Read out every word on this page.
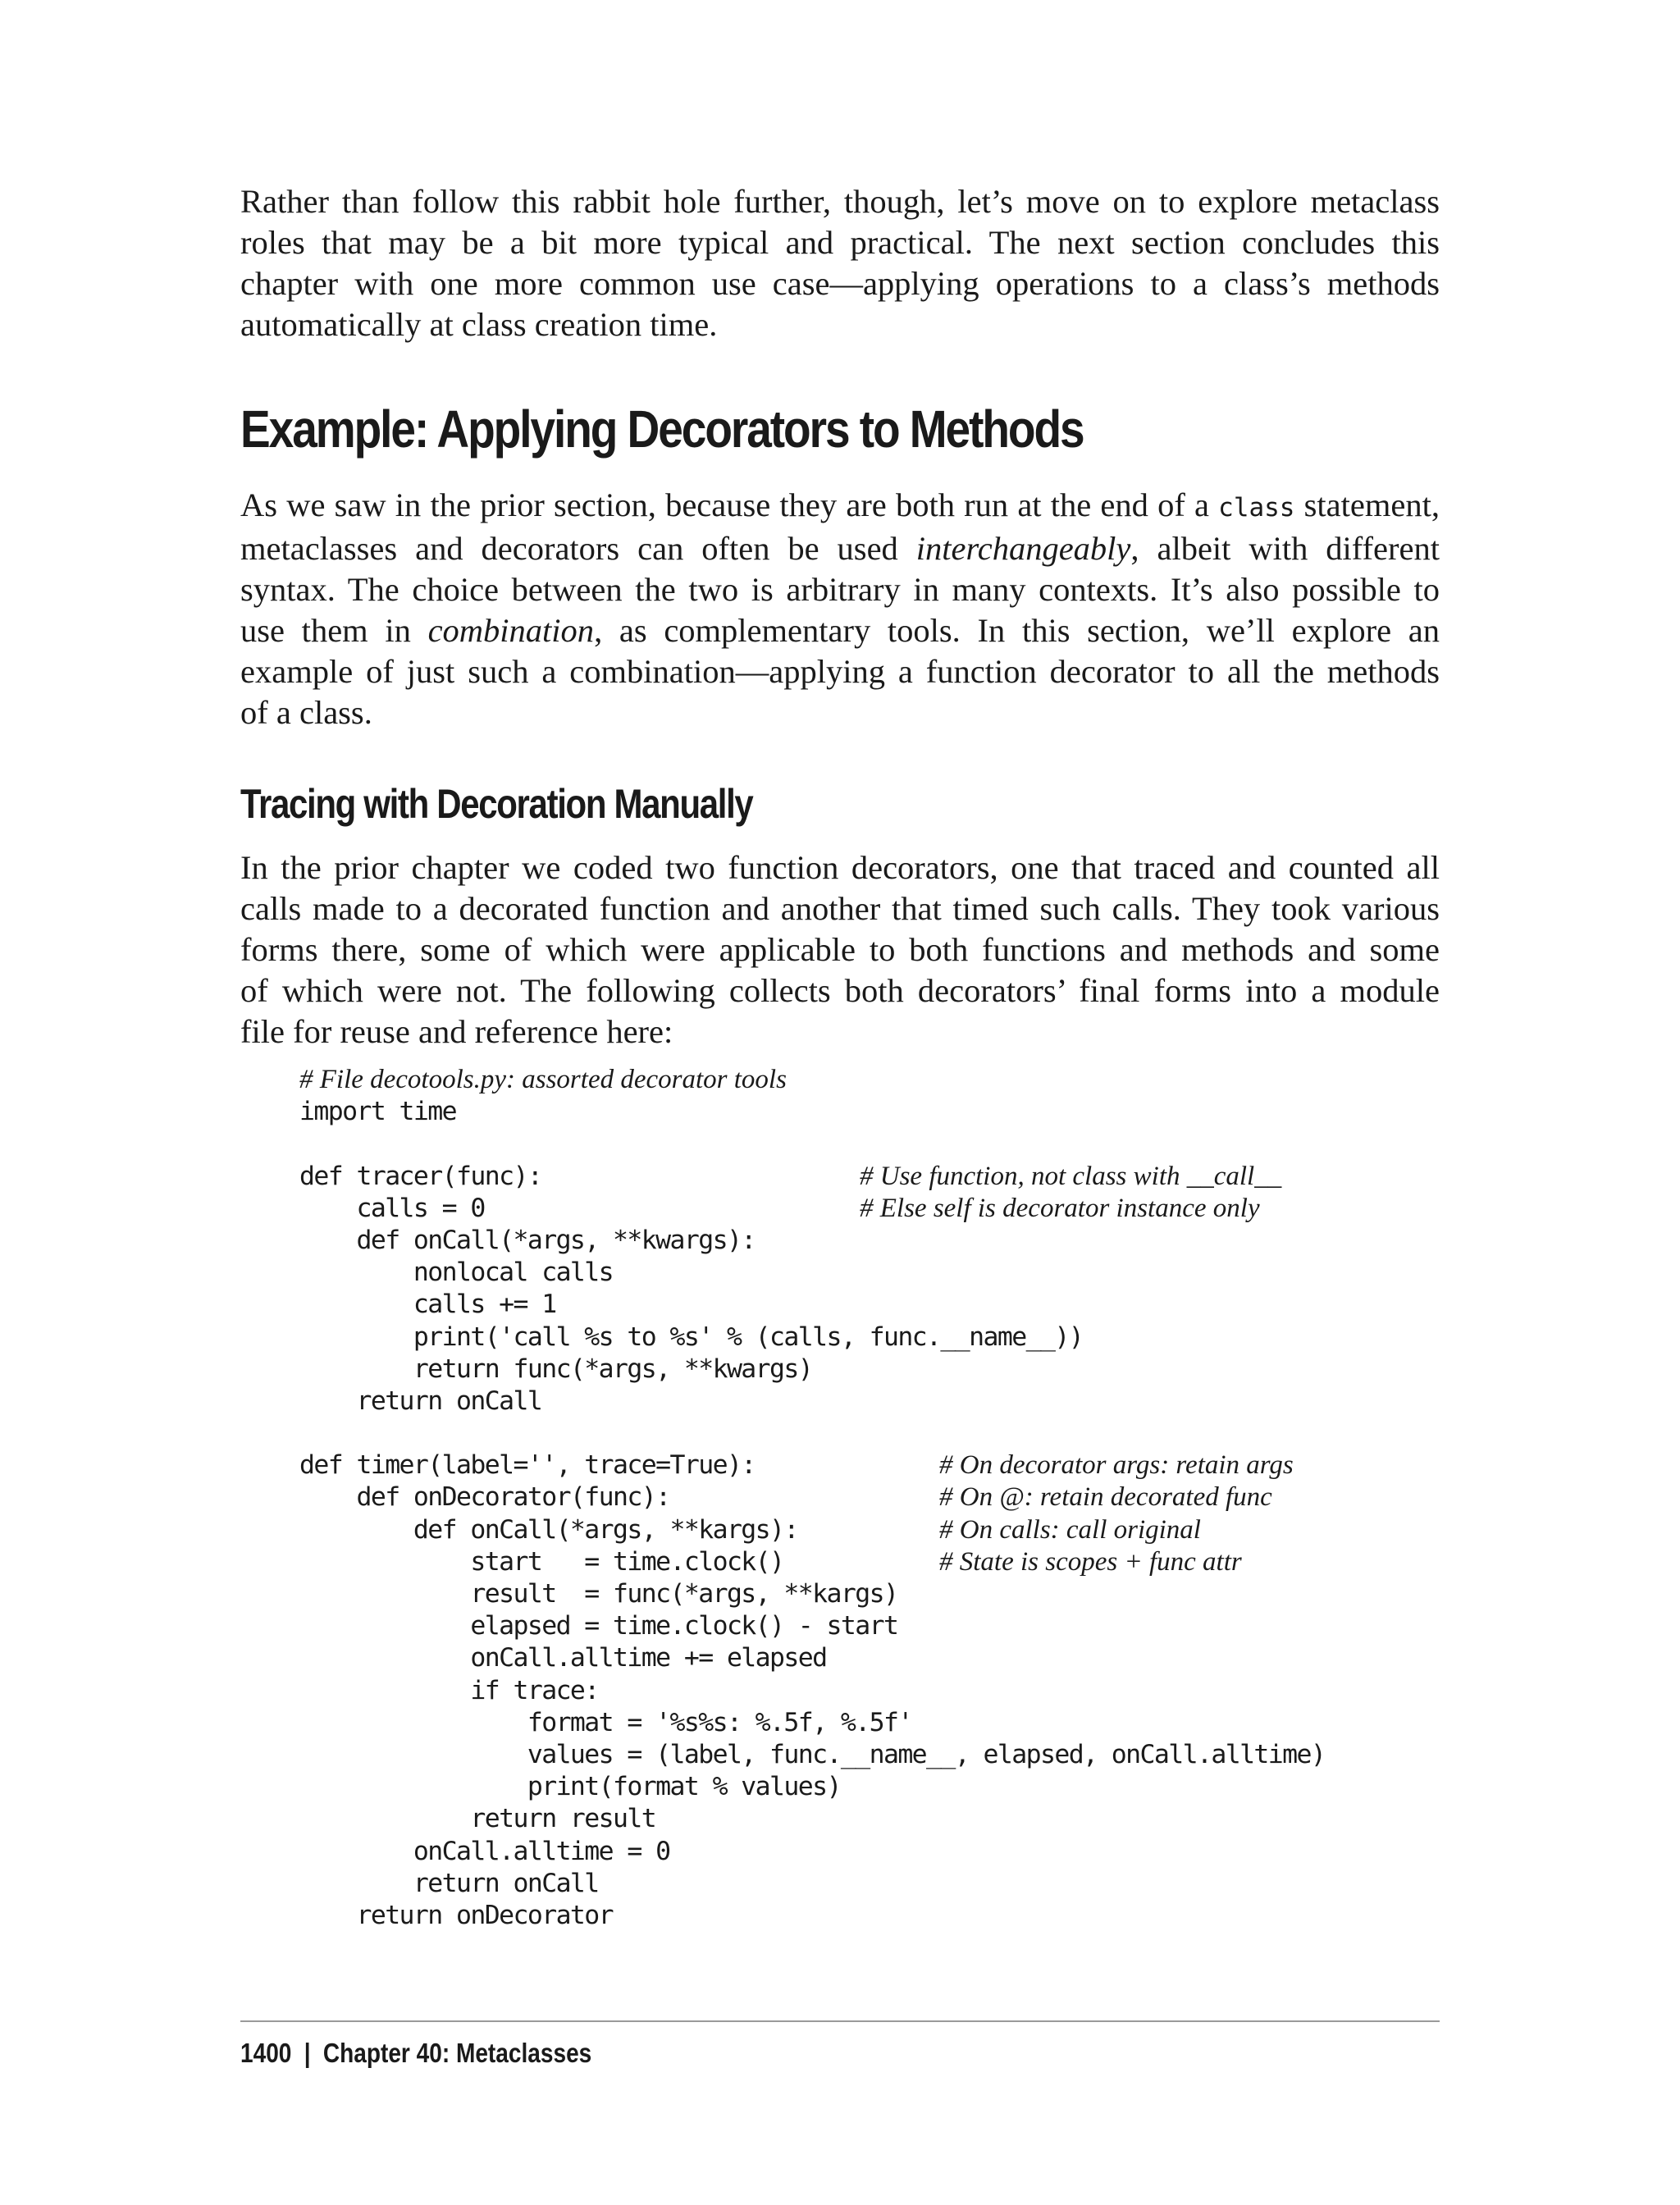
Rather than follow this rabbit hole further, though, let’s move on to explore metaclass
roles that may be a bit more typical and practical. The next section concludes this
chapter with one more common use case—applying operations to a class’s methods
automatically at class creation time.
Example: Applying Decorators to Methods
As we saw in the prior section, because they are both run at the end of a class statement,
metaclasses and decorators can often be used interchangeably, albeit with different
syntax. The choice between the two is arbitrary in many contexts. It’s also possible to
use them in combination, as complementary tools. In this section, we’ll explore an
example of just such a combination—applying a function decorator to all the methods
of a class.
Tracing with Decoration Manually
In the prior chapter we coded two function decorators, one that traced and counted all
calls made to a decorated function and another that timed such calls. They took various
forms there, some of which were applicable to both functions and methods and some
of which were not. The following collects both decorators’ final forms into a module
file for reuse and reference here:
# File decotools.py: assorted decorator tools
import time
def tracer(func):	# Use function, not class with __call__
calls = 0	# Else self is decorator instance only
def onCall(*args, **kwargs):
nonlocal calls
calls += 1
print('call %s to %s' % (calls, func.__name__))
return func(*args, **kwargs)
return onCall
def timer(label='', trace=True):	# On decorator args: retain args
def onDecorator(func):	# On @: retain decorated func
def onCall(*args, **kargs):	# On calls: call original
start   = time.clock()	# State is scopes + func attr
result  = func(*args, **kargs)
elapsed = time.clock() - start
onCall.alltime += elapsed
if trace:
format = '%s%s: %.5f, %.5f'
values = (label, func.__name__, elapsed, onCall.alltime)
print(format % values)
return result
onCall.alltime = 0
return onCall
return onDecorator
1400 | Chapter 40: Metaclasses
